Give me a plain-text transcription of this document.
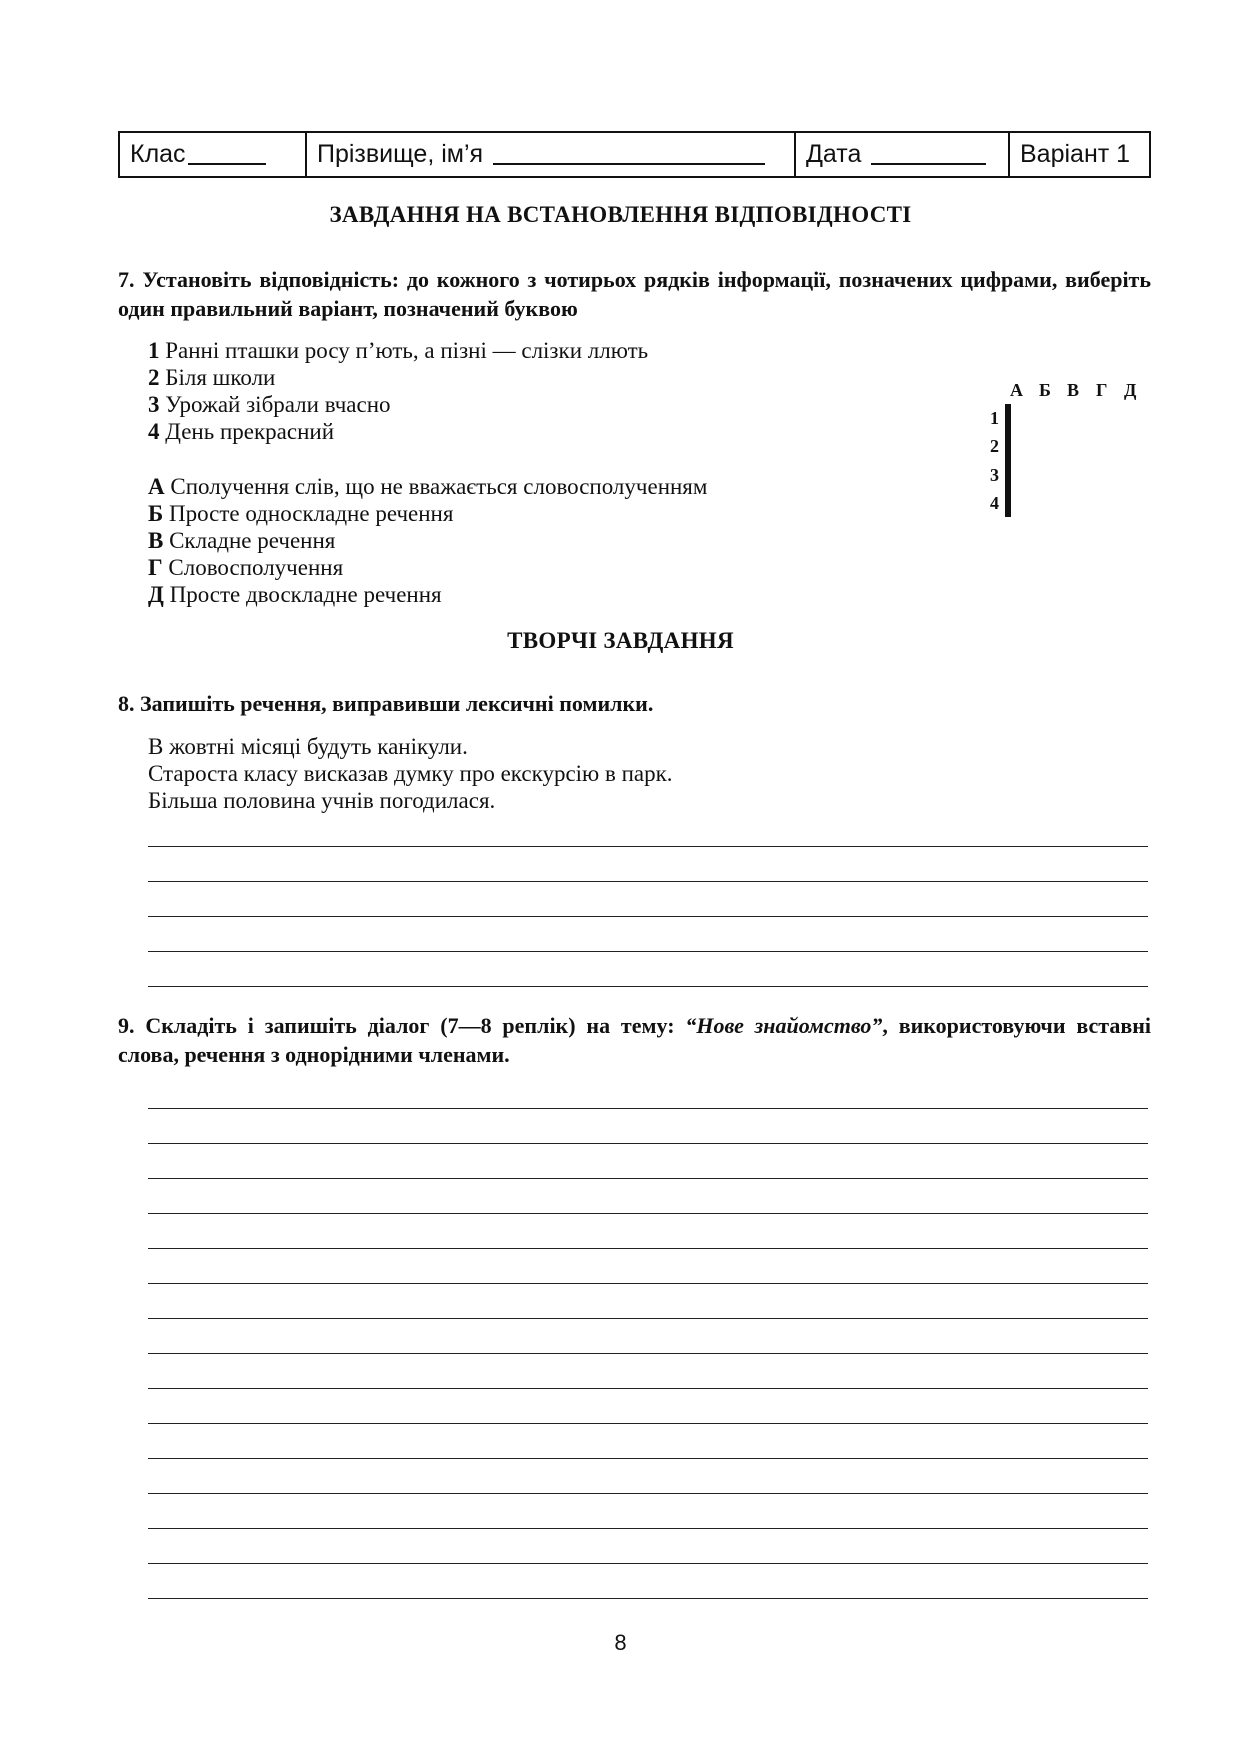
Клас	Прізвище, ім’я	Дата	Варіант 1
ЗАВДАННЯ НА ВСТАНОВЛЕННЯ ВІДПОВІДНОСТІ
7. Установіть відповідність: до кожного з чотирьох рядків інформації, позначених цифрами, виберіть один правильний варіант, позначений буквою
1 Ранні пташки росу п’ють, а пізні — слізки ллють
2 Біля школи
3 Урожай зібрали вчасно
4 День прекрасний
А Сполучення слів, що не вважається словосполученням
Б Просте односкладне речення
В Складне речення
Г Словосполучення
Д Просте двоскладне речення
А Б В Г Д
1
2
3
4

ТВОРЧІ ЗАВДАННЯ
8. Запишіть речення, виправивши лексичні помилки.
В жовтні місяці будуть канікули.
Староста класу висказав думку про екскурсію в парк.
Більша половина учнів погодилася.
9. Складіть і запишіть діалог (7—8 реплік) на тему: “Нове знайомство”, використовуючи вставні слова, речення з однорідними членами.
8
